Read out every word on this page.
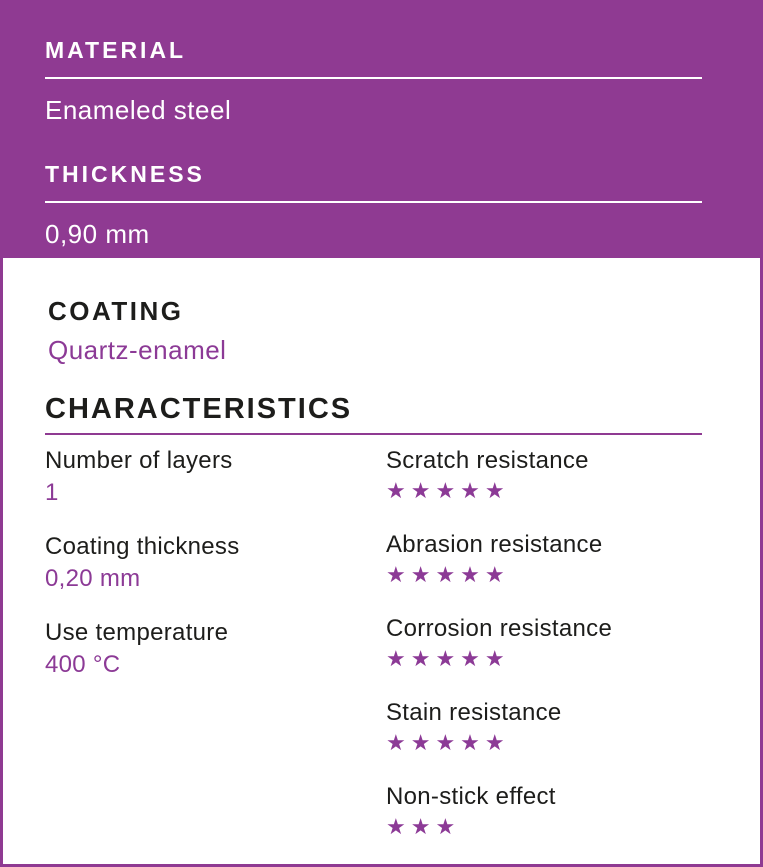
MATERIAL
Enameled steel
THICKNESS
0,90 mm
COATING
Quartz-enamel
CHARACTERISTICS
Number of layers
1
Coating thickness
0,20 mm
Use temperature
400 °C
Scratch resistance
★★★★★
Abrasion resistance
★★★★★
Corrosion resistance
★★★★★
Stain resistance
★★★★★
Non-stick effect
★★★
